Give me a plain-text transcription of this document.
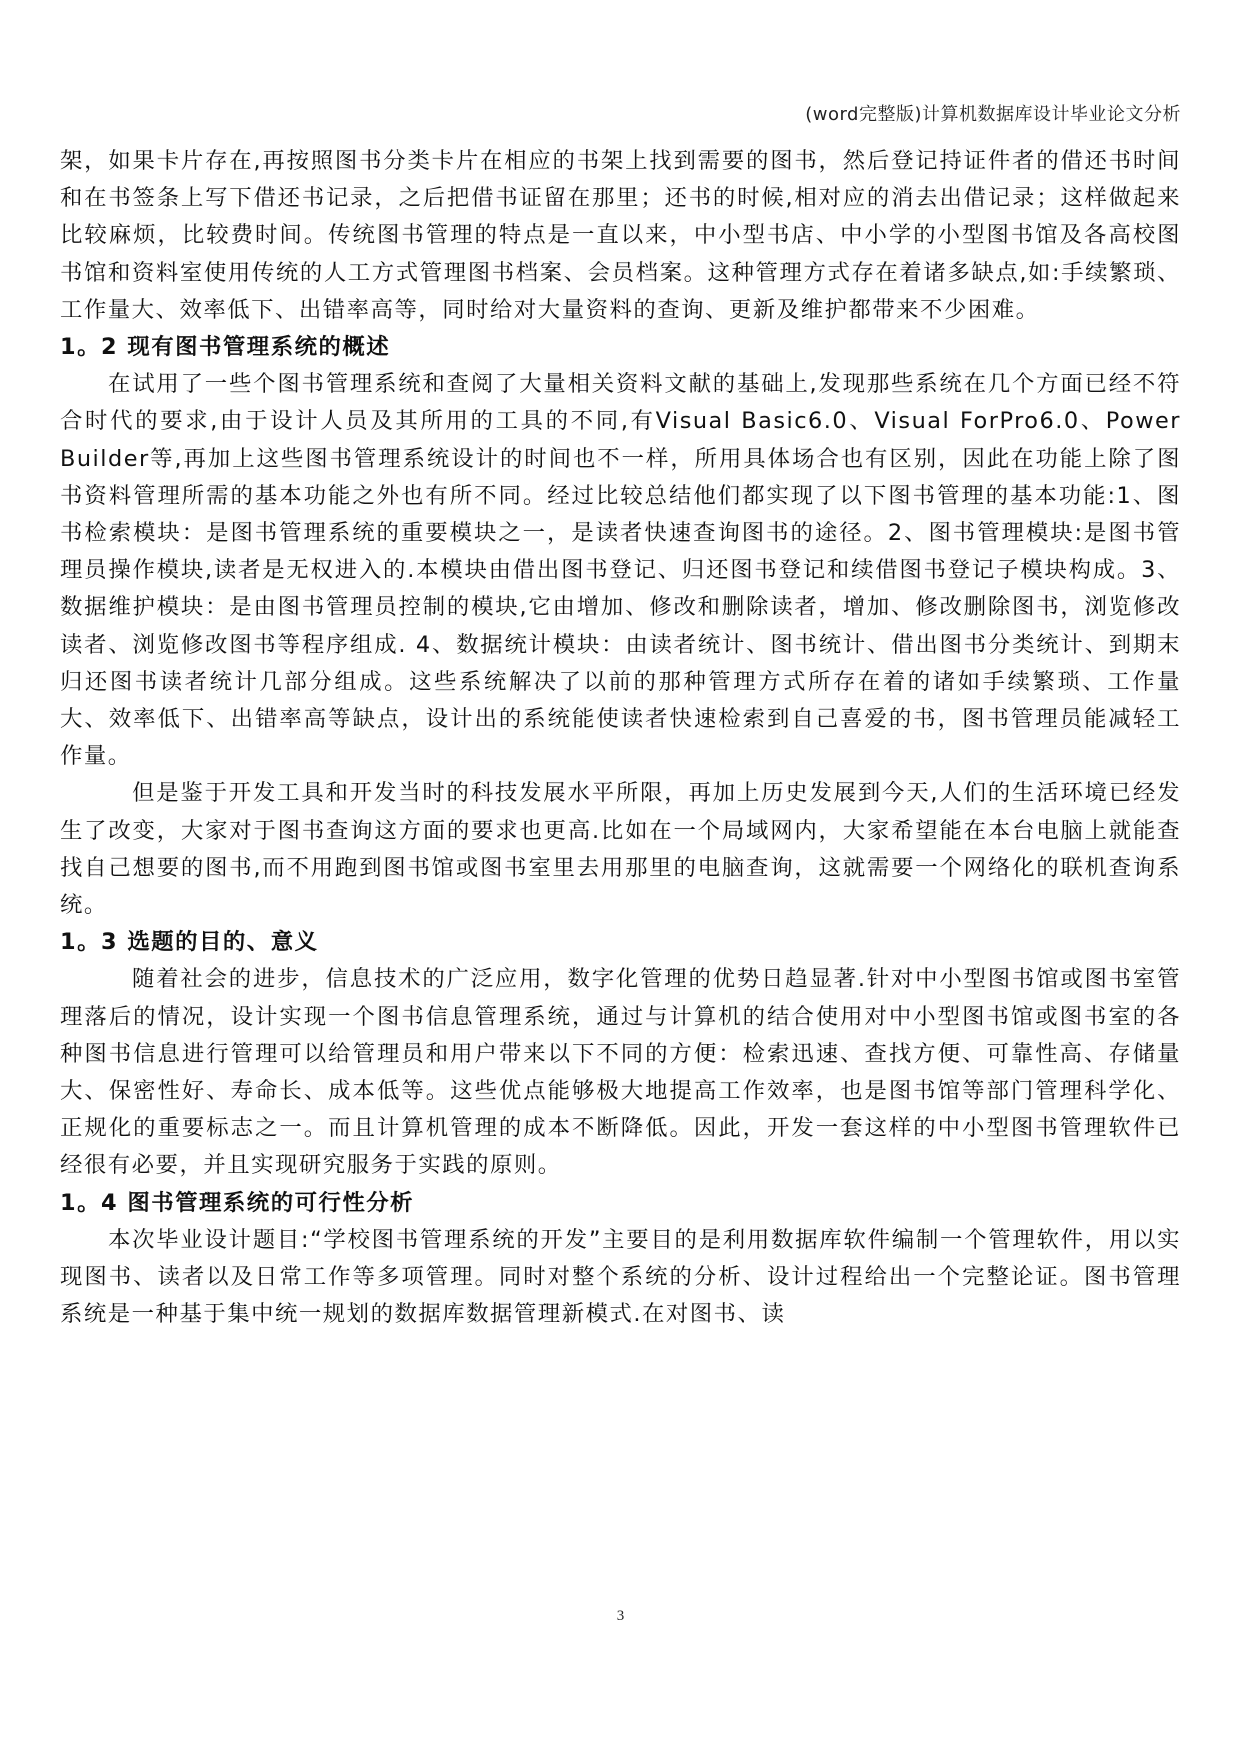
(word完整版)计算机数据库设计毕业论文分析

架，如果卡片存在,再按照图书分类卡片在相应的书架上找到需要的图书，然后登记持证件者的借还书时间和在书签条上写下借还书记录，之后把借书证留在那里；还书的时候,相对应的消去出借记录；这样做起来比较麻烦，比较费时间。传统图书管理的特点是一直以来，中小型书店、中小学的小型图书馆及各高校图书馆和资料室使用传统的人工方式管理图书档案、会员档案。这种管理方式存在着诸多缺点,如:手续繁琐、工作量大、效率低下、出错率高等，同时给对大量资料的查询、更新及维护都带来不少困难。

1。2 现有图书管理系统的概述

在试用了一些个图书管理系统和查阅了大量相关资料文献的基础上,发现那些系统在几个方面已经不符合时代的要求,由于设计人员及其所用的工具的不同,有Visual Basic6.0、Visual ForPro6.0、Power Builder等,再加上这些图书管理系统设计的时间也不一样，所用具体场合也有区别，因此在功能上除了图书资料管理所需的基本功能之外也有所不同。经过比较总结他们都实现了以下图书管理的基本功能:1、图书检索模块：是图书管理系统的重要模块之一，是读者快速查询图书的途径。2、图书管理模块:是图书管理员操作模块,读者是无权进入的.本模块由借出图书登记、归还图书登记和续借图书登记子模块构成。3、数据维护模块：是由图书管理员控制的模块,它由增加、修改和删除读者，增加、修改删除图书，浏览修改读者、浏览修改图书等程序组成. 4、数据统计模块：由读者统计、图书统计、借出图书分类统计、到期末归还图书读者统计几部分组成。这些系统解决了以前的那种管理方式所存在着的诸如手续繁琐、工作量大、效率低下、出错率高等缺点，设计出的系统能使读者快速检索到自己喜爱的书，图书管理员能减轻工作量。

但是鉴于开发工具和开发当时的科技发展水平所限，再加上历史发展到今天,人们的生活环境已经发生了改变，大家对于图书查询这方面的要求也更高.比如在一个局域网内，大家希望能在本台电脑上就能查找自己想要的图书,而不用跑到图书馆或图书室里去用那里的电脑查询，这就需要一个网络化的联机查询系统。

1。3 选题的目的、意义

随着社会的进步，信息技术的广泛应用，数字化管理的优势日趋显著.针对中小型图书馆或图书室管理落后的情况，设计实现一个图书信息管理系统，通过与计算机的结合使用对中小型图书馆或图书室的各种图书信息进行管理可以给管理员和用户带来以下不同的方便：检索迅速、查找方便、可靠性高、存储量大、保密性好、寿命长、成本低等。这些优点能够极大地提高工作效率，也是图书馆等部门管理科学化、正规化的重要标志之一。而且计算机管理的成本不断降低。因此，开发一套这样的中小型图书管理软件已经很有必要，并且实现研究服务于实践的原则。

1。4 图书管理系统的可行性分析

本次毕业设计题目:“学校图书管理系统的开发”主要目的是利用数据库软件编制一个管理软件，用以实现图书、读者以及日常工作等多项管理。同时对整个系统的分析、设计过程给出一个完整论证。图书管理系统是一种基于集中统一规划的数据库数据管理新模式.在对图书、读

3
